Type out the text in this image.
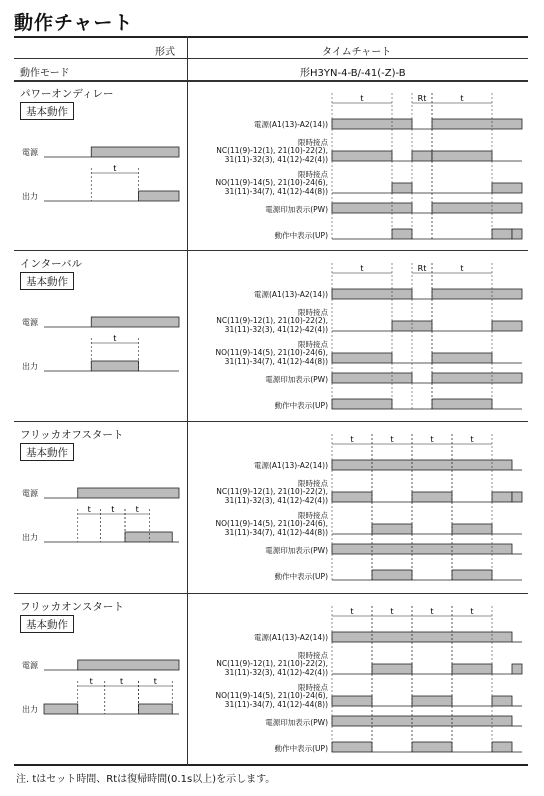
動作チャート
形式	タイムチャート
動作モード	形H3YN-4-B/-41(-Z)-B
パワーオンディレー
基本動作
t
電源
出力
t	Rt	t
電源(A1(13)-A2(14))
限時接点
NC(11(9)-12(1), 21(10)-22(2),
31(11)-32(3), 41(12)-42(4))
限時接点
NO(11(9)-14(5), 21(10)-24(6),
31(11)-34(7), 41(12)-44(8))
電源印加表示(PW)
動作中表示(UP)
インターバル
基本動作
t
電源
出力
t	Rt	t
電源(A1(13)-A2(14))
限時接点
NC(11(9)-12(1), 21(10)-22(2),
31(11)-32(3), 41(12)-42(4))
限時接点
NO(11(9)-14(5), 21(10)-24(6),
31(11)-34(7), 41(12)-44(8))
電源印加表示(PW)
動作中表示(UP)
フリッカオフスタート
基本動作
t	t	t
電源
出力
t	t	t	t
電源(A1(13)-A2(14))
限時接点
NC(11(9)-12(1), 21(10)-22(2),
31(11)-32(3), 41(12)-42(4))
限時接点
NO(11(9)-14(5), 21(10)-24(6),
31(11)-34(7), 41(12)-44(8))
電源印加表示(PW)
動作中表示(UP)
フリッカオンスタート
基本動作
t	t	t
電源
出力
t	t	t	t
電源(A1(13)-A2(14))
限時接点
NC(11(9)-12(1), 21(10)-22(2),
31(11)-32(3), 41(12)-42(4))
限時接点
NO(11(9)-14(5), 21(10)-24(6),
31(11)-34(7), 41(12)-44(8))
電源印加表示(PW)
動作中表示(UP)
注. tはセット時間、Rtは復帰時間(0.1s以上)を示します。
